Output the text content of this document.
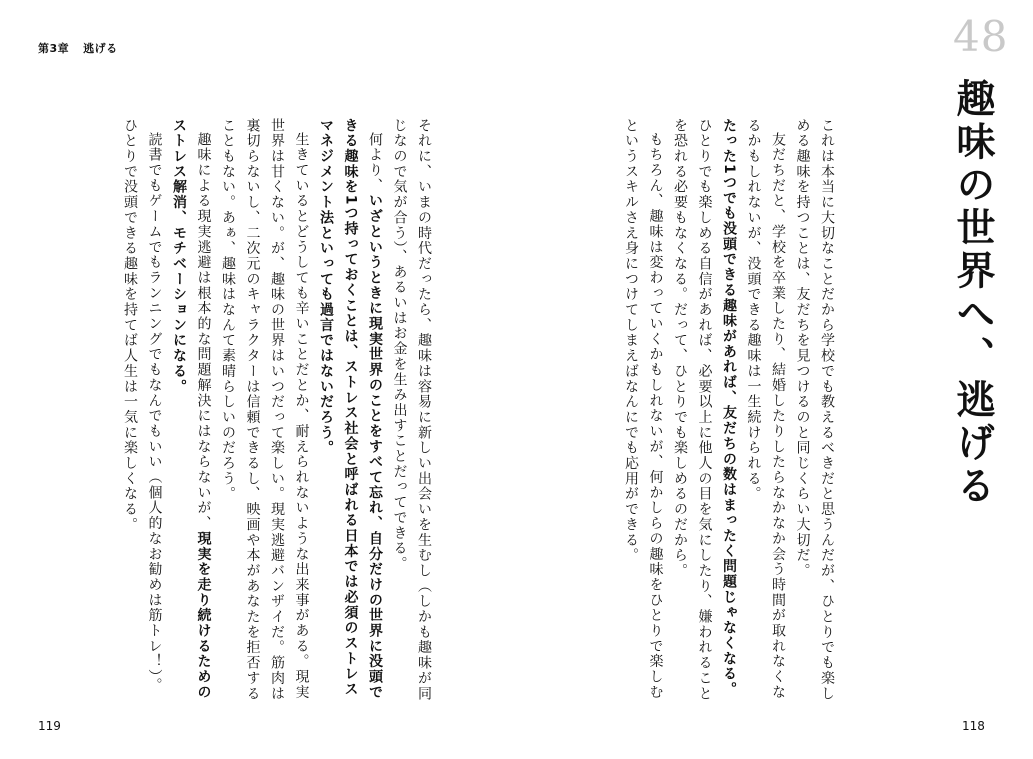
第3章 逃げる	48
趣味の世界へ、逃げる

これは本当に大切なことだから学校でも教えるべきだと思うんだが、ひとりでも楽しめる趣味を持つことは、友だちを見つけるのと同じくらい大切だ。

友だちだと、学校を卒業したり、結婚したりしたらなかなか会う時間が取れなくなるかもしれないが、没頭できる趣味は一生続けられる。

たった1つでも没頭できる趣味があれば、友だちの数はまったく問題じゃなくなる。ひとりでも楽しめる自信があれば、必要以上に他人の目を気にしたり、嫌われることを恐れる必要もなくなる。だって、ひとりでも楽しめるのだから。

もちろん、趣味は変わっていくかもしれないが、何かしらの趣味をひとりで楽しむというスキルさえ身につけてしまえばなんにでも応用ができる。

それに、いまの時代だったら、趣味は容易に新しい出会いを生むし（しかも趣味が同じなので気が合う）、あるいはお金を生み出すことだってできる。

何より、いざというときに現実世界のことをすべて忘れ、自分だけの世界に没頭できる趣味を1つ持っておくことは、ストレス社会と呼ばれる日本では必須のストレスマネジメント法といっても過言ではないだろう。

生きているとどうしても辛いことだとか、耐えられないような出来事がある。現実世界は甘くない。が、趣味の世界はいつだって楽しい。現実逃避バンザイだ。筋肉は裏切らないし、二次元のキャラクターは信頼できるし、映画や本があなたを拒否することもない。あぁ、趣味はなんて素晴らしいのだろう。

趣味による現実逃避は根本的な問題解決にはならないが、現実を走り続けるためのストレス解消、モチベーションになる。

読書でもゲームでもランニングでもなんでもいい（個人的なお勧めは筋トレ！）。ひとりで没頭できる趣味を持てば人生は一気に楽しくなる。

119	118
